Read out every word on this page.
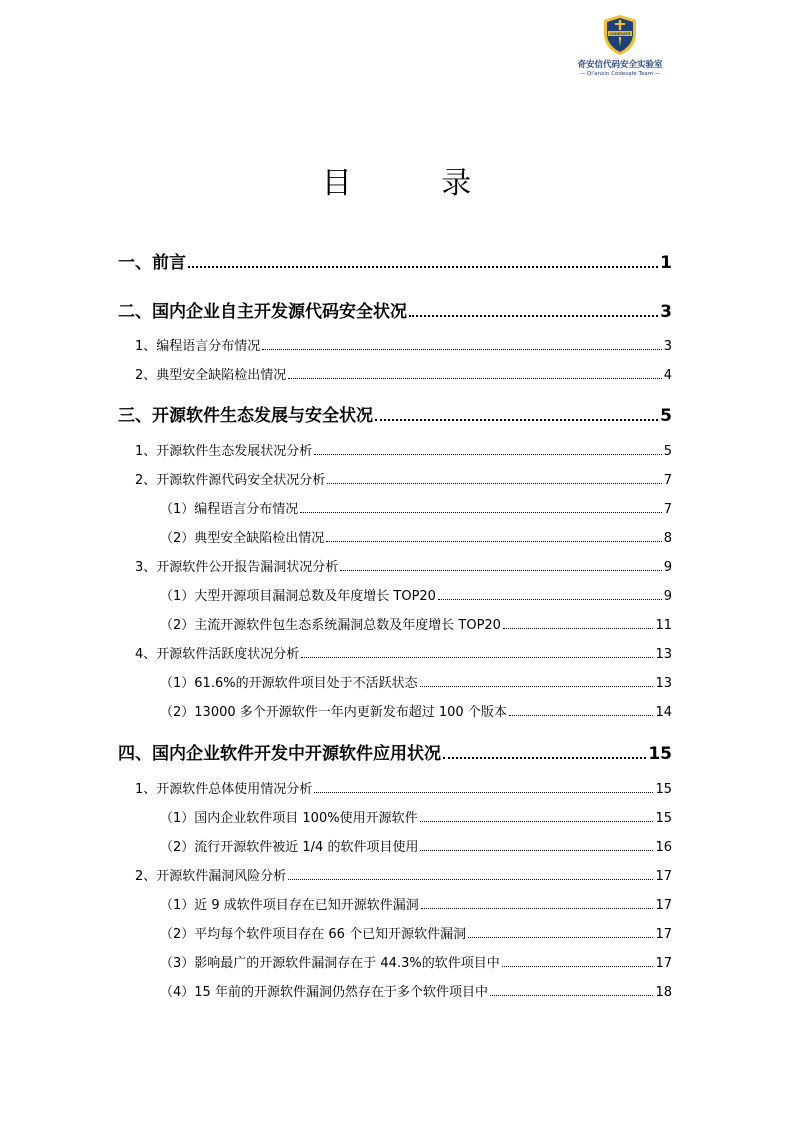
CODESAFE
奇安信代码安全实验室
— Qi'anxin Codesafe Team —
目 录
一、前言	1
二、国内企业自主开发源代码安全状况	3
1、编程语言分布情况	3
2、典型安全缺陷检出情况	4
三、开源软件生态发展与安全状况	5
1、开源软件生态发展状况分析	5
2、开源软件源代码安全状况分析	7
（1）编程语言分布情况	7
（2）典型安全缺陷检出情况	8
3、开源软件公开报告漏洞状况分析	9
（1）大型开源项目漏洞总数及年度增长 TOP20	9
（2）主流开源软件包生态系统漏洞总数及年度增长 TOP20	11
4、开源软件活跃度状况分析	13
（1）61.6%的开源软件项目处于不活跃状态	13
（2）13000 多个开源软件一年内更新发布超过 100 个版本	14
四、国内企业软件开发中开源软件应用状况	15
1、开源软件总体使用情况分析	15
（1）国内企业软件项目 100%使用开源软件	15
（2）流行开源软件被近 1/4 的软件项目使用	16
2、开源软件漏洞风险分析	17
（1）近 9 成软件项目存在已知开源软件漏洞	17
（2）平均每个软件项目存在 66 个已知开源软件漏洞	17
（3）影响最广的开源软件漏洞存在于 44.3%的软件项目中	17
（4）15 年前的开源软件漏洞仍然存在于多个软件项目中	18
